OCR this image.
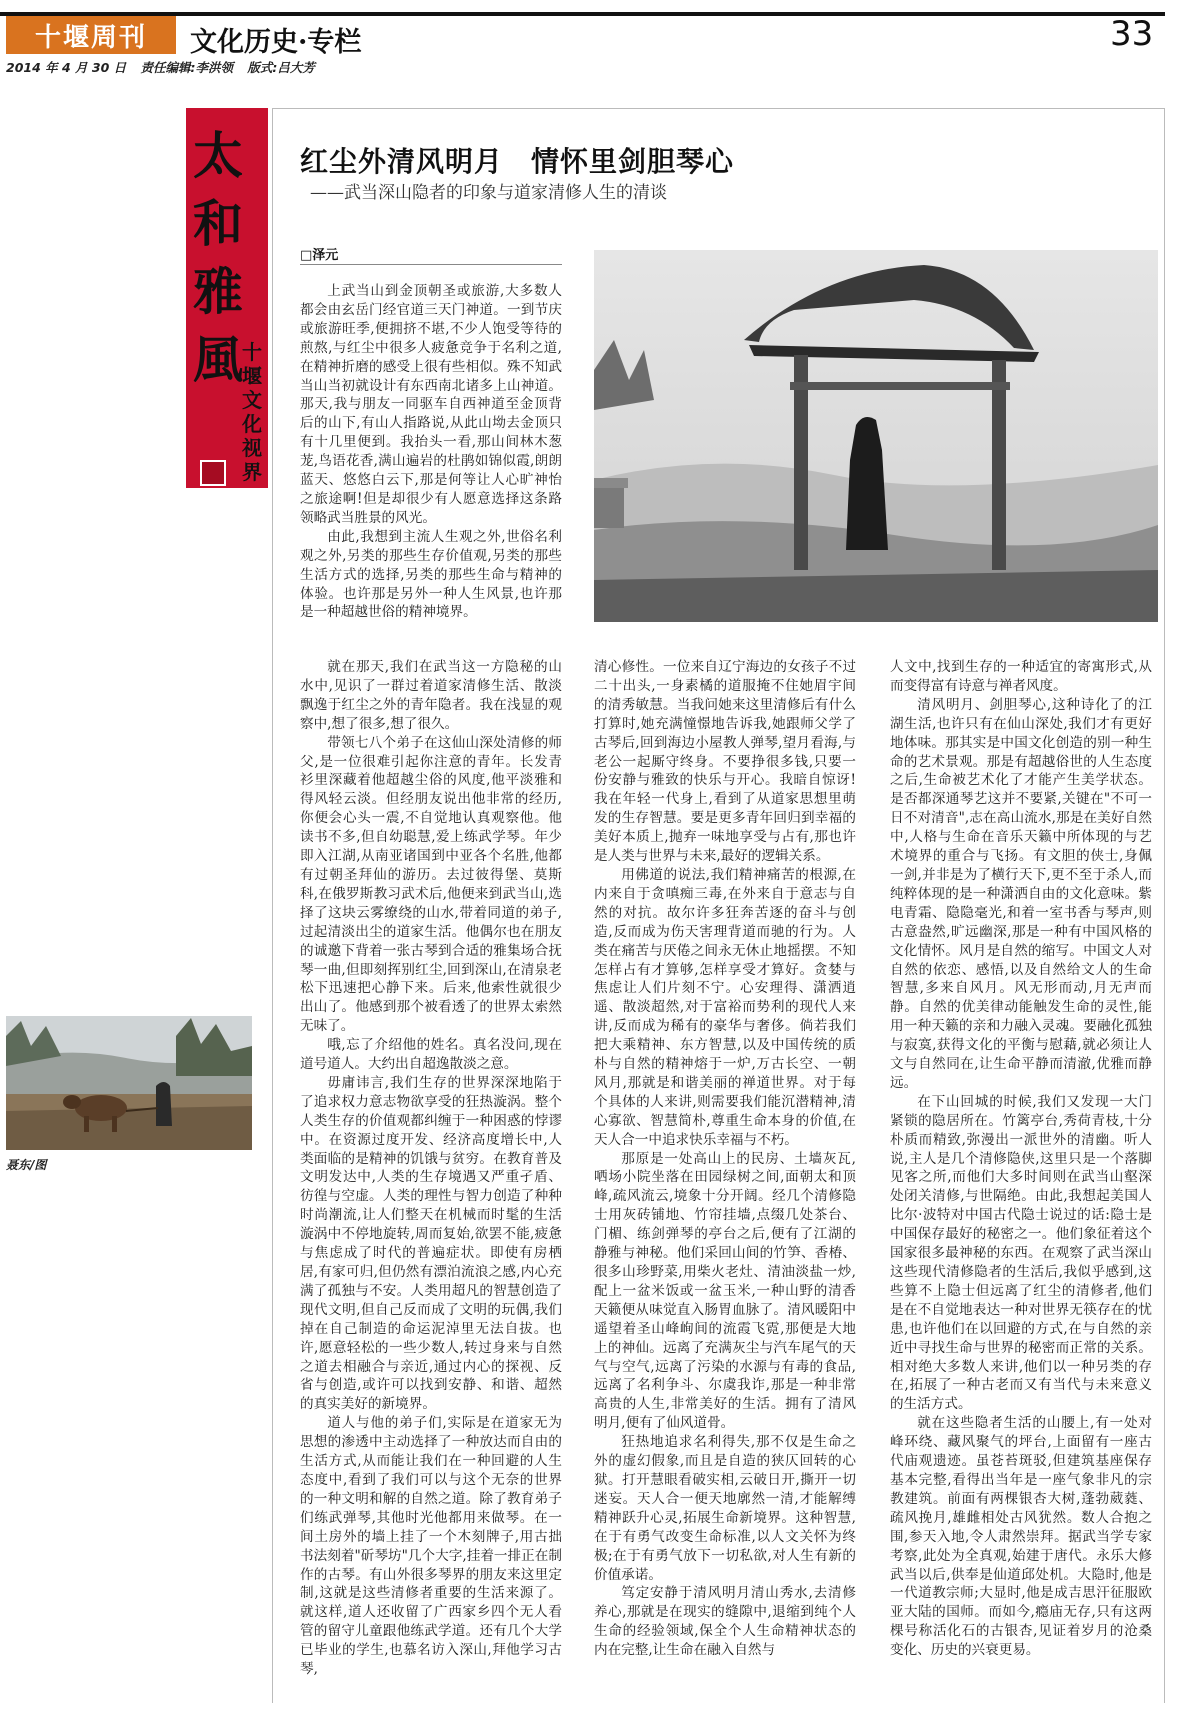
十堰周刊	文化历史·专栏	33
2014 年 4 月 30 日 责任编辑:李洪领 版式:吕大芳
太
和
雅
風 十
堰
文
化
视
界
红尘外清风明月 情怀里剑胆琴心
——武当深山隐者的印象与道家清修人生的清谈
□泽元

上武当山到金顶朝圣或旅游,大多数人都会由玄岳门经官道三天门神道。一到节庆或旅游旺季,便拥挤不堪,不少人饱受等待的煎熬,与红尘中很多人疲惫竞争于名利之道,在精神折磨的感受上很有些相似。殊不知武当山当初就设计有东西南北诸多上山神道。那天,我与朋友一同驱车自西神道至金顶背后的山下,有山人指路说,从此山坳去金顶只有十几里便到。我抬头一看,那山间林木葱茏,鸟语花香,满山遍岩的杜鹃如锦似霞,朗朗蓝天、悠悠白云下,那是何等让人心旷神怡之旅途啊!但是却很少有人愿意选择这条路领略武当胜景的风光。

由此,我想到主流人生观之外,世俗名利观之外,另类的那些生存价值观,另类的那些生活方式的选择,另类的那些生命与精神的体验。也许那是另外一种人生风景,也许那是一种超越世俗的精神境界。

就在那天,我们在武当这一方隐秘的山水中,见识了一群过着道家清修生活、散淡飘逸于红尘之外的青年隐者。我在浅显的观察中,想了很多,想了很久。

带领七八个弟子在这仙山深处清修的师父,是一位很难引起你注意的青年。长发青衫里深藏着他超越尘俗的风度,他平淡雅和得风轻云淡。但经朋友说出他非常的经历,你便会心头一震,不自觉地认真观察他。他读书不多,但自幼聪慧,爱上练武学琴。年少即入江湖,从南亚诸国到中亚各个名胜,他都有过朝圣拜仙的游历。去过彼得堡、莫斯科,在俄罗斯教习武术后,他便来到武当山,选择了这块云雾缭绕的山水,带着同道的弟子,过起清淡出尘的道家生活。他偶尔也在朋友的诚邀下背着一张古琴到合适的雅集场合抚琴一曲,但即刻挥别红尘,回到深山,在清泉老松下迅速把心静下来。后来,他索性就很少出山了。他感到那个被看透了的世界太索然无味了。

哦,忘了介绍他的姓名。真名没问,现在道号道人。大约出自超逸散淡之意。

毋庸讳言,我们生存的世界深深地陷于了追求权力意志物欲享受的狂热漩涡。整个人类生存的价值观都纠缠于一种困惑的悖谬中。在资源过度开发、经济高度增长中,人类面临的是精神的饥饿与贫穷。在教育普及文明发达中,人类的生存境遇又严重孑盾、彷徨与空虚。人类的理性与智力创造了种种时尚潮流,让人们整天在机械而时髦的生活漩涡中不停地旋转,周而复始,欲罢不能,疲惫与焦虑成了时代的普遍症状。即使有房栖居,有家可归,但仍然有漂泊流浪之感,内心充满了孤独与不安。人类用超凡的智慧创造了现代文明,但自己反而成了文明的玩偶,我们掉在自己制造的命运泥淖里无法自拔。也许,愿意轻松的一些少数人,转过身来与自然之道去相融合与亲近,通过内心的探视、反省与创造,或许可以找到安静、和谐、超然的真实美好的新境界。

道人与他的弟子们,实际是在道家无为思想的渗透中主动选择了一种放达而自由的生活方式,从而能让我们在一种回避的人生态度中,看到了我们可以与这个无奈的世界的一种文明和解的自然之道。除了教育弟子们练武弹琴,其他时光他都用来做琴。在一间土房外的墙上挂了一个木刻牌子,用古拙书法刻着"斫琴坊"几个大字,挂着一排正在制作的古琴。有山外很多琴界的朋友来这里定制,这就是这些清修者重要的生活来源了。就这样,道人还收留了广西家乡四个无人看管的留守儿童跟他练武学道。还有几个大学已毕业的学生,也慕名访入深山,拜他学习古琴,

清心修性。一位来自辽宁海边的女孩子不过二十出头,一身素橘的道服掩不住她眉宇间的清秀敏慧。当我问她来这里清修后有什么打算时,她充满憧憬地告诉我,她跟师父学了古琴后,回到海边小屋教人弹琴,望月看海,与老公一起厮守终身。不要挣很多钱,只要一份安静与雅致的快乐与开心。我暗自惊讶!我在年轻一代身上,看到了从道家思想里萌发的生存智慧。要是更多青年回归到幸福的美好本质上,抛弃一味地享受与占有,那也许是人类与世界与未来,最好的逻辑关系。

用佛道的说法,我们精神痛苦的根源,在内来自于贪嗔痴三毒,在外来自于意志与自然的对抗。故尔许多狂奔苦逐的奋斗与创造,反而成为伤天害理背道而驰的行为。人类在痛苦与厌倦之间永无休止地摇摆。不知怎样占有才算够,怎样享受才算好。贪婪与焦虑让人们片刻不宁。心安理得、潇洒逍遥、散淡超然,对于富裕而势利的现代人来讲,反而成为稀有的豪华与奢侈。倘若我们把大乘精神、东方智慧,以及中国传统的质朴与自然的精神熔于一炉,万古长空、一朝风月,那就是和谐美丽的禅道世界。对于每个具体的人来讲,则需要我们能沉潜精神,清心寡欲、智慧简朴,尊重生命本身的价值,在天人合一中追求快乐幸福与不朽。

那原是一处高山上的民房、土墙灰瓦,哂场小院坐落在田园绿树之间,面朝太和顶峰,疏风流云,境象十分开阔。经几个清修隐士用灰砖铺地、竹帘挂墙,点缀几处茶台、门楣、练剑弹琴的亭台之后,便有了江湖的静雅与神秘。他们采回山间的竹笋、香椿、很多山珍野菜,用柴火老灶、清油淡盐一炒,配上一盆米饭或一盆玉米,一种山野的清香天籁便从味觉直入肠胃血脉了。清风暖阳中遥望着圣山峰峋间的流霞飞霓,那便是大地上的神仙。远离了充满灰尘与汽车尾气的天气与空气,远离了污染的水源与有毒的食品,远离了名利争斗、尔虞我诈,那是一种非常高贵的人生,非常美好的生活。拥有了清风明月,便有了仙风道骨。

狂热地追求名利得失,那不仅是生命之外的虚幻假象,而且是自造的狭仄回转的心狱。打开慧眼看破实相,云破日开,撕开一切迷妄。天人合一便天地廓然一清,才能解缚精神跃升心灵,拓展生命新境界。这种智慧,在于有勇气改变生命标准,以人文关怀为终极;在于有勇气放下一切私欲,对人生有新的价值承诺。

笃定安静于清风明月清山秀水,去清修养心,那就是在现实的缝隙中,退缩到纯个人生命的经验领域,保全个人生命精神状态的内在完整,让生命在融入自然与

人文中,找到生存的一种适宜的寄寓形式,从而变得富有诗意与禅者风度。

清风明月、剑胆琴心,这种诗化了的江湖生活,也许只有在仙山深处,我们才有更好地体味。那其实是中国文化创造的别一种生命的艺术景观。那是有超越俗世的人生态度之后,生命被艺术化了才能产生美学状态。是否都深通琴艺这并不要紧,关键在"不可一日不对清音",志在高山流水,那是在美好自然中,人格与生命在音乐天籁中所体现的与艺术境界的重合与飞扬。有文胆的侠士,身佩一剑,并非是为了横行天下,更不至于杀人,而纯粹体现的是一种潇洒自由的文化意味。紫电青霜、隐隐毫光,和着一室书香与琴声,则古意盎然,旷远幽深,那是一种有中国风格的文化情怀。风月是自然的缩写。中国文人对自然的依恋、感悟,以及自然给文人的生命智慧,多来自风月。风无形而动,月无声而静。自然的优美律动能触发生命的灵性,能用一种天籁的亲和力融入灵魂。要融化孤独与寂寞,获得文化的平衡与慰藉,就必须让人文与自然同在,让生命平静而清澈,优雅而静远。

在下山回城的时候,我们又发现一大门紧锁的隐居所在。竹篱亭台,秀荷青枝,十分朴质而精致,弥漫出一派世外的清幽。听人说,主人是几个清修隐侠,这里只是一个落脚见客之所,而他们大多时间则在武当山壑深处闭关清修,与世隔绝。由此,我想起美国人比尔·波特对中国古代隐士说过的话:隐士是中国保存最好的秘密之一。他们象征着这个国家很多最神秘的东西。在观察了武当深山这些现代清修隐者的生活后,我似乎感到,这些算不上隐士但远离了红尘的清修者,他们是在不自觉地表达一种对世界无筷存在的忧患,也许他们在以回避的方式,在与自然的亲近中寻找生命与世界的秘密而正常的关系。相对绝大多数人来讲,他们以一种另类的存在,拓展了一种古老而又有当代与未来意义的生活方式。

就在这些隐者生活的山腰上,有一处对峰环绕、藏风聚气的坪台,上面留有一座古代庙观遗迹。虽苍苔斑驳,但建筑基座保存基本完整,看得出当年是一座气象非凡的宗教建筑。前面有两棵银杏大树,蓬勃葳蕤、疏风挽月,雄雌相处古风犹然。数人合抱之围,参天入地,令人肃然崇拜。据武当学专家考察,此处为全真观,始建于唐代。永乐大修武当以后,供奉是仙道邱处机。大隐时,他是一代道教宗师;大显时,他是成吉思汗征服欧亚大陆的国师。而如今,瘾庙无存,只有这两棵号称活化石的古银杏,见证着岁月的沧桑变化、历史的兴衰更易。

聂东/图
